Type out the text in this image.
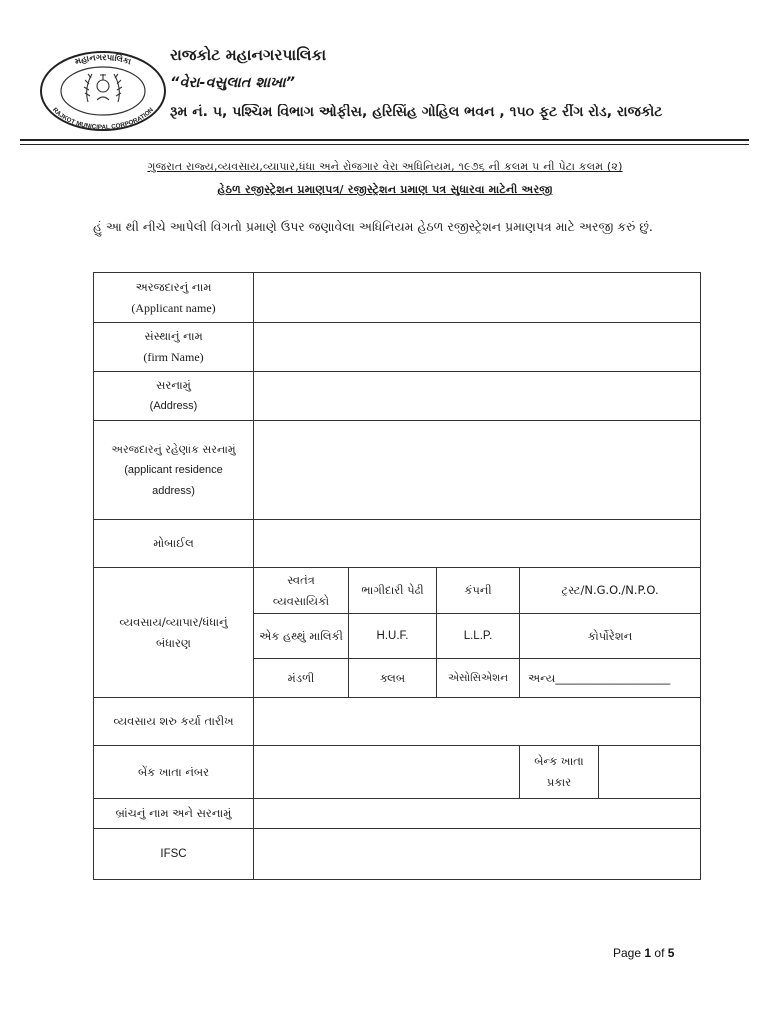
મહાનગરપાલિકા
RAJKOT MUNICIPAL CORPORATION
રાજકોટ મહાનગરપાલિકા
“વેરા-વસુલાત શાખા”
રૂમ નં. ૫, પશ્ચિમ વિભાગ ઓફીસ, હરિસિંહ ગોહિલ ભવન , ૧૫૦ ફૂટ રીંગ રોડ, રાજકોટ
ગુજરાત રાજ્ય,વ્યવસાય,વ્યાપાર,ધંધા અને રોજગાર વેરા અધિનિયમ, ૧૯૭૬ ની કલમ ૫ ની પેટા કલમ (૨)
હેઠળ રજીસ્ટ્રેશન પ્રમાણપત્ર/ રજીસ્ટ્રેશન પ્રમાણ પત્ર સુધારવા માટેની અરજી
હું આ થી નીચે આપેલી વિગતો પ્રમાણે ઉપર જણાવેલા અધિનિયમ હેઠળ રજીસ્ટ્રેશન પ્રમાણપત્ર માટે અરજી કરું છું.
અરજદારનું નામ
(Applicant name)					

સંસ્થાનું નામ
(firm Name)					

સરનામું
(Address)					

અરજદારનું રહેણાંક સરનામું
(applicant residence address)					

મોબાઈલ					
વ્યવસાય/વ્યાપાર/ધંધાનું બંધારણ	સ્વતંત્ર વ્યવસાયિકો	ભાગીદારી પેઢી	કંપની	ટ્રસ્ટ/N.G.O./N.P.O.	
	એક હથ્થું માલિકી	H.U.F.	L.L.P.	કોર્પોરેશન	
	મંડળી	ક્લબ	એસોસિએશન	અન્ય____________________	
વ્યવસાય શરુ કર્યા તારીખ					
બેંક ખાતા નંબર				બેન્ક ખાતા પ્રકાર	
બ્રાંચનું નામ અને સરનામું					
IFSC					
Page 1 of 5
